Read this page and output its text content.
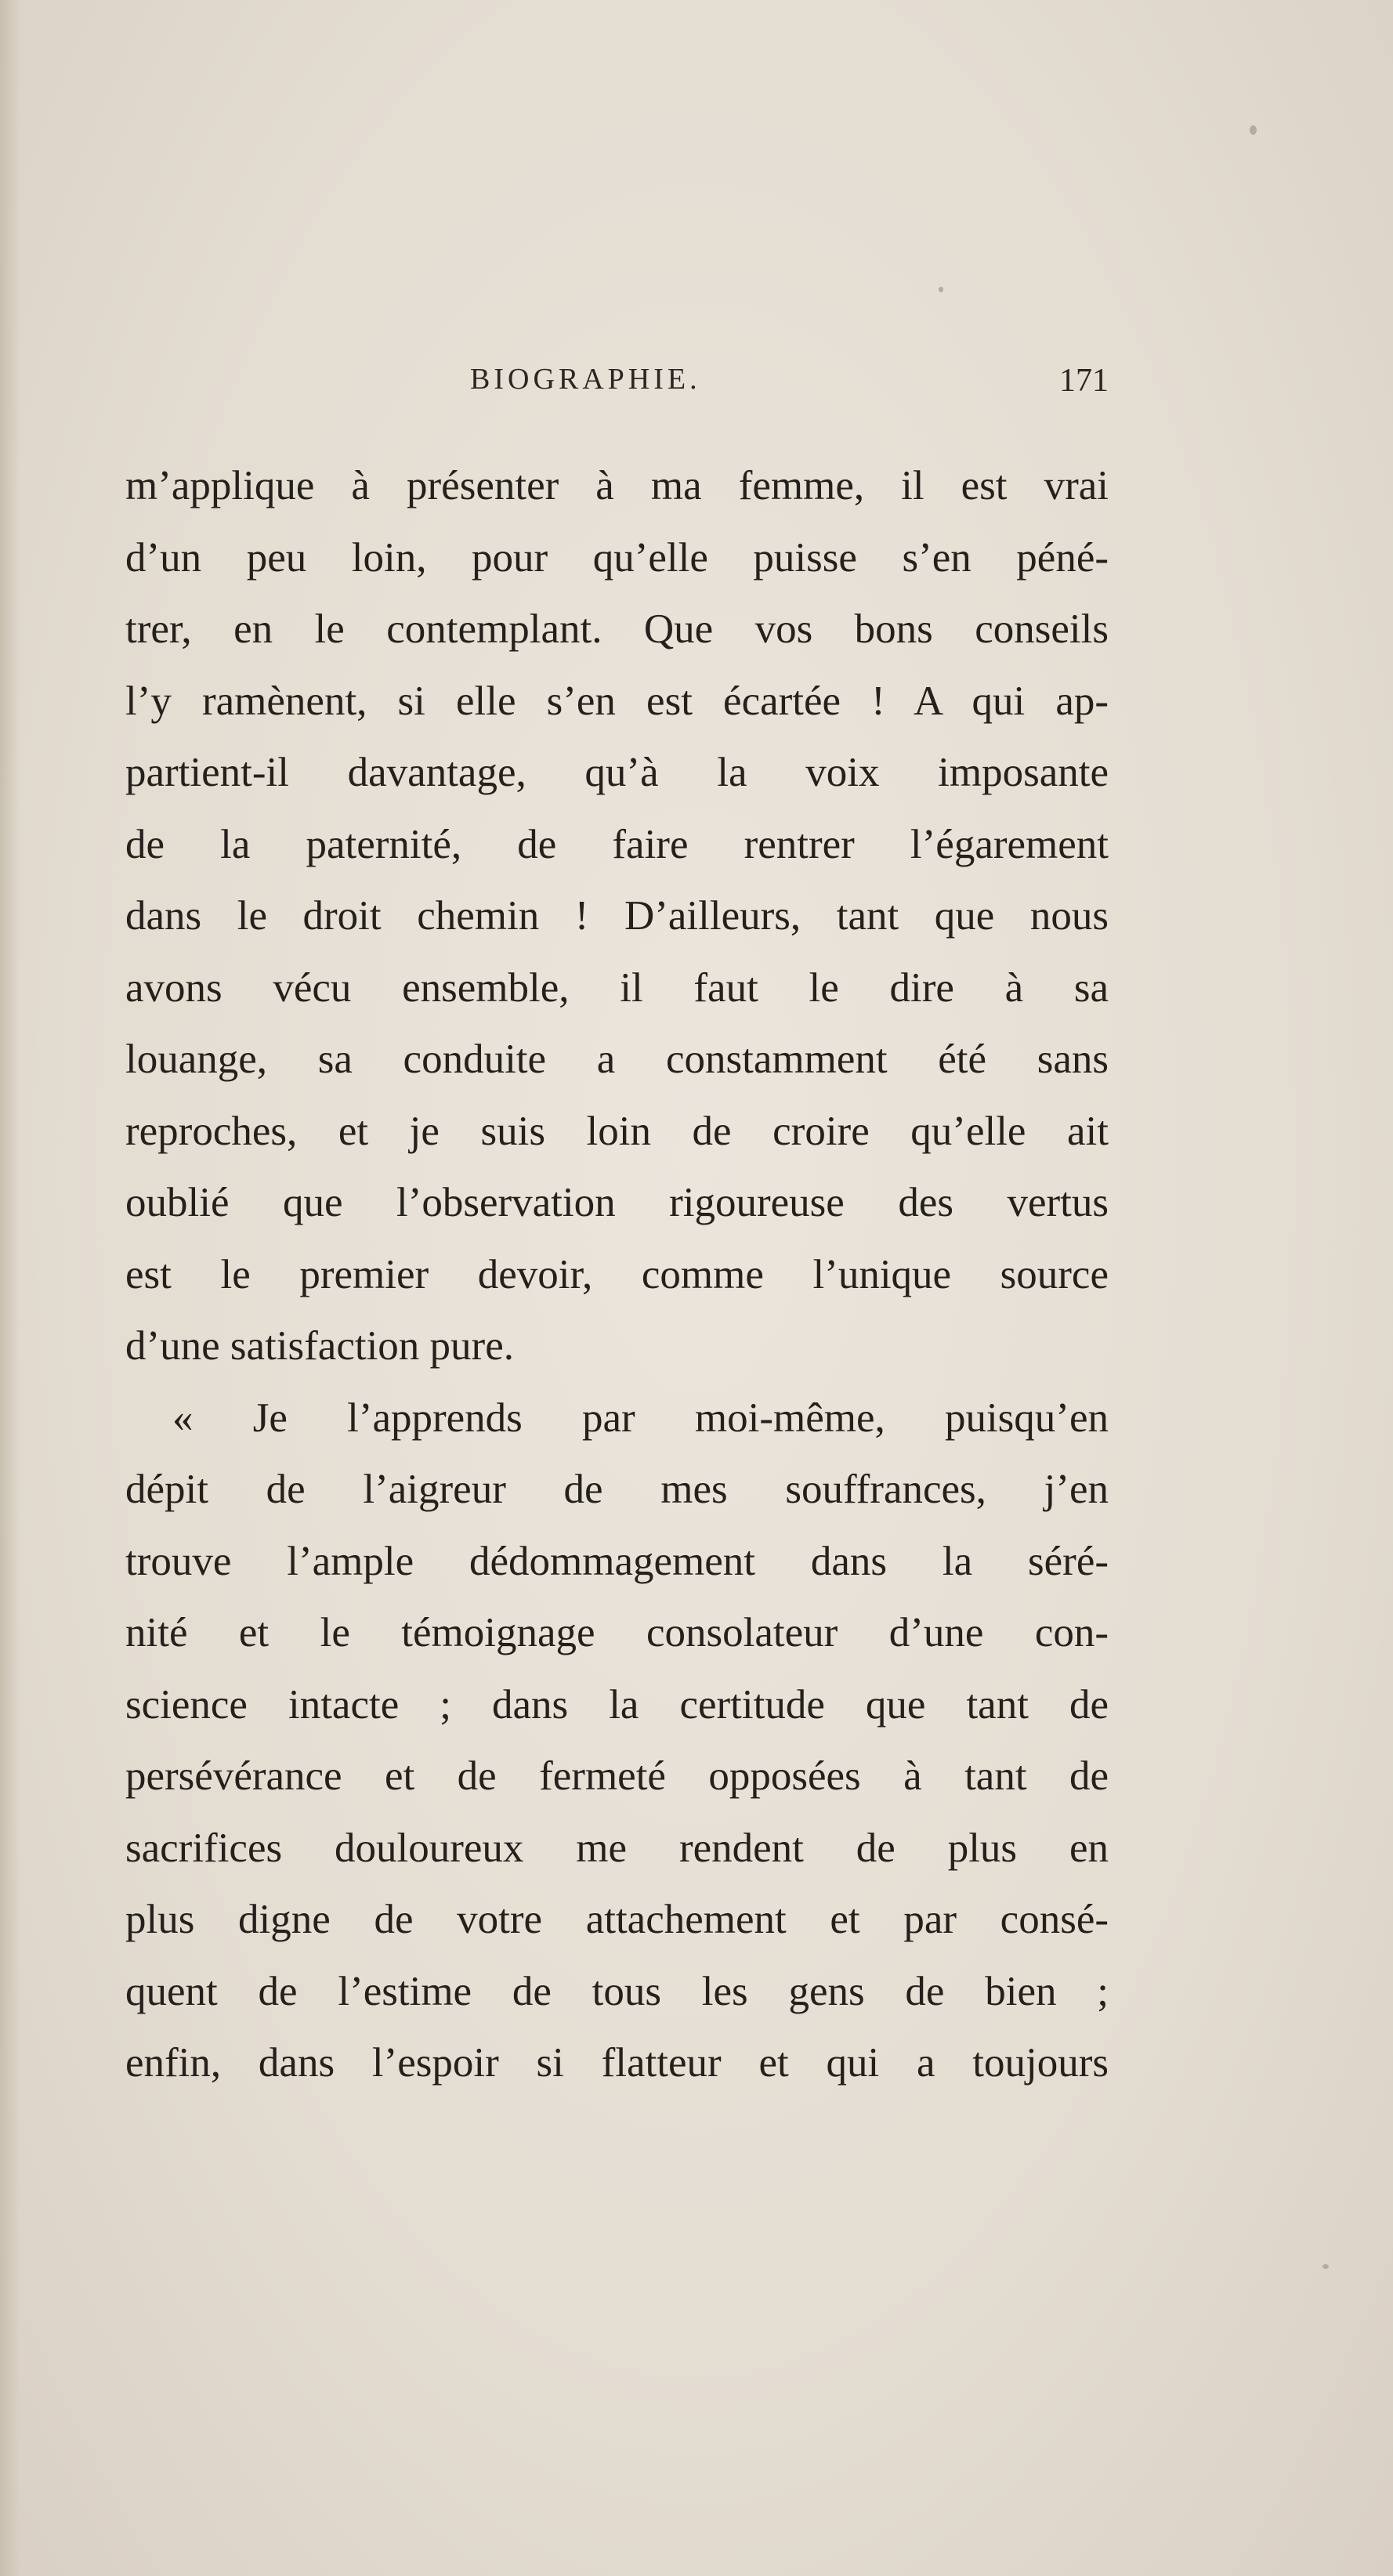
BIOGRAPHIE.	171
m’applique à présenter à ma femme, il est vrai
d’un peu loin, pour qu’elle puisse s’en péné-
trer, en le contemplant. Que vos bons conseils
l’y ramènent, si elle s’en est écartée ! A qui ap-
partient-il davantage, qu’à la voix imposante
de la paternité, de faire rentrer l’égarement
dans le droit chemin ! D’ailleurs, tant que nous
avons vécu ensemble, il faut le dire à sa
louange, sa conduite a constamment été sans
reproches, et je suis loin de croire qu’elle ait
oublié que l’observation rigoureuse des vertus
est le premier devoir, comme l’unique source
d’une satisfaction pure.
« Je l’apprends par moi-même, puisqu’en
dépit de l’aigreur de mes souffrances, j’en
trouve l’ample dédommagement dans la séré-
nité et le témoignage consolateur d’une con-
science intacte ; dans la certitude que tant de
persévérance et de fermeté opposées à tant de
sacrifices douloureux me rendent de plus en
plus digne de votre attachement et par consé-
quent de l’estime de tous les gens de bien ;
enfin, dans l’espoir si flatteur et qui a toujours
